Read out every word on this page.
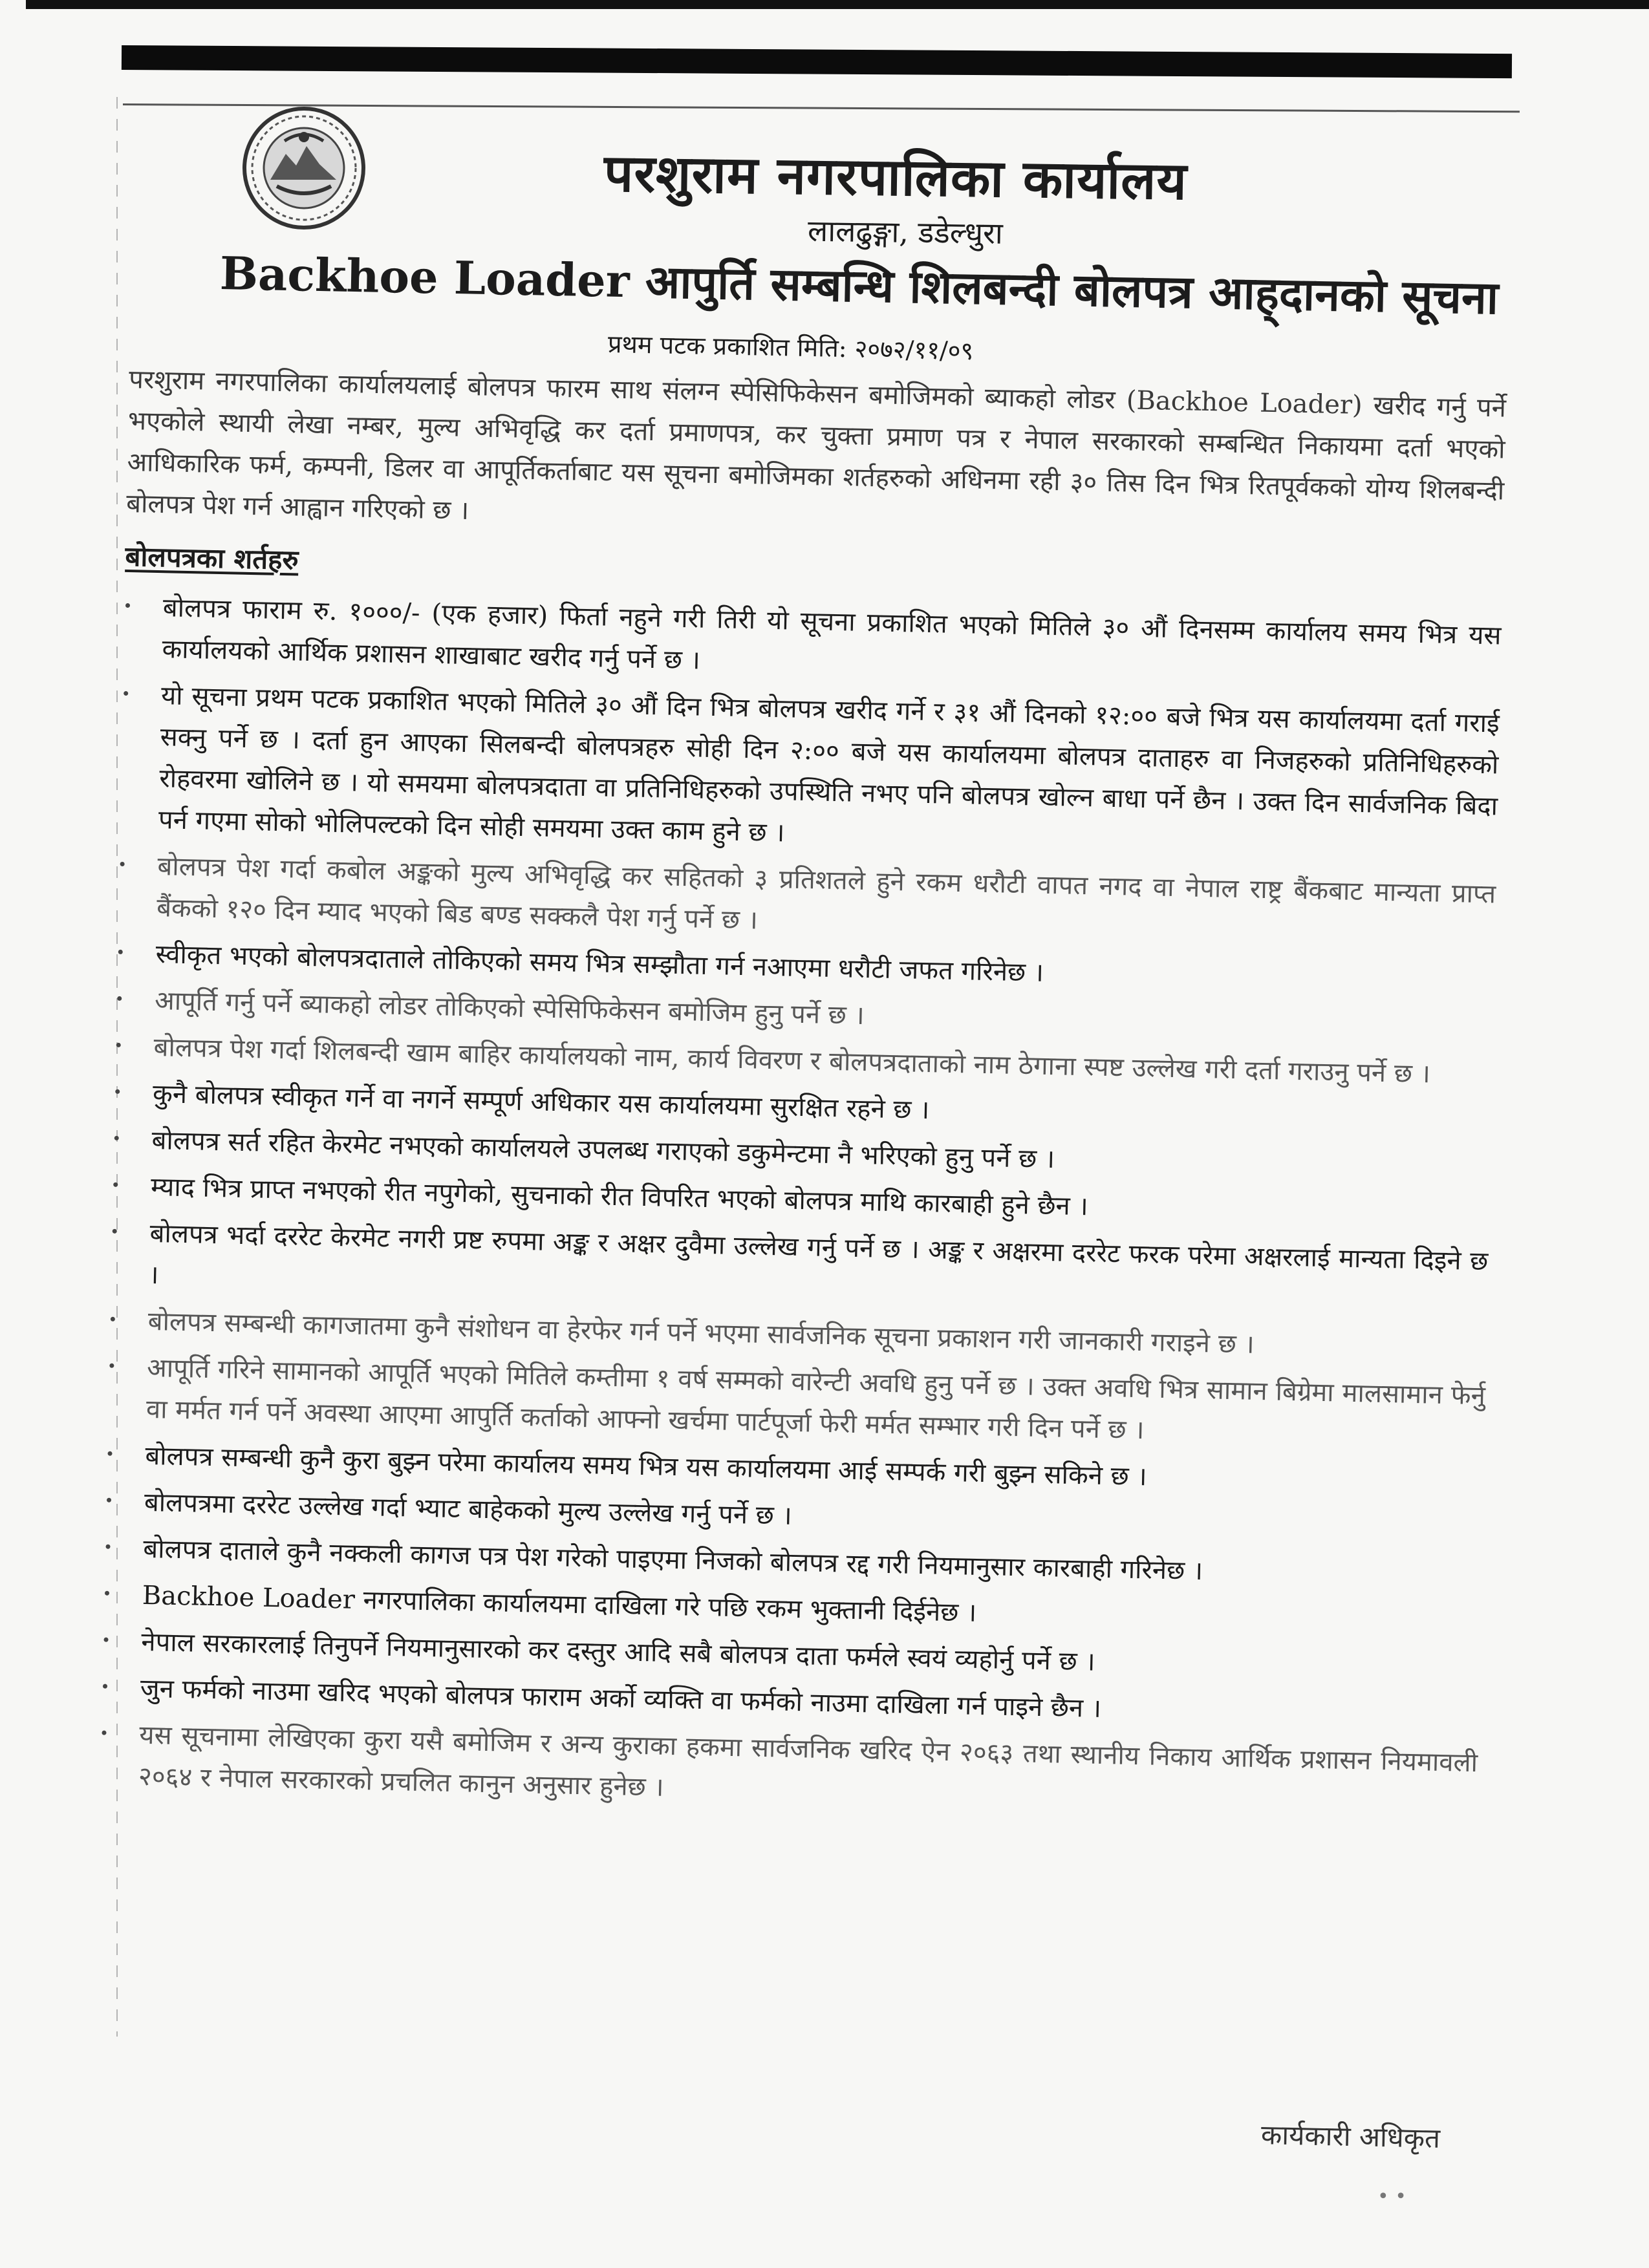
परशुराम नगरपालिका कार्यालय
लालढुङ्गा, डडेल्धुरा
Backhoe Loader आपुर्ति सम्बन्धि शिलबन्दी बोलपत्र आह्‌दानको सूचना
प्रथम पटक प्रकाशित मिति: २०७२/११/०९

परशुराम नगरपालिका कार्यालयलाई बोलपत्र फारम साथ संलग्न स्पेसिफिकेसन बमोजिमको ब्याकहो लोडर (Backhoe Loader) खरीद गर्नु पर्ने भएकोले स्थायी लेखा नम्बर, मुल्य अभिवृद्धि कर दर्ता प्रमाणपत्र, कर चुक्ता प्रमाण पत्र र नेपाल सरकारको सम्बन्धित निकायमा दर्ता भएको आधिकारिक फर्म, कम्पनी, डिलर वा आपूर्तिकर्ताबाट यस सूचना बमोजिमका शर्तहरुको अधिनमा रही ३० तिस दिन भित्र रितपूर्वकको योग्य शिलबन्दी बोलपत्र पेश गर्न आह्वान गरिएको छ ।

बोलपत्रका शर्तहरु
बोलपत्र फाराम रु. १०००/- (एक हजार) फिर्ता नहुने गरी तिरी यो सूचना प्रकाशित भएको मितिले ३० औं दिनसम्म कार्यालय समय भित्र यस कार्यालयको आर्थिक प्रशासन शाखाबाट खरीद गर्नु पर्ने छ ।
यो सूचना प्रथम पटक प्रकाशित भएको मितिले ३० औं दिन भित्र बोलपत्र खरीद गर्ने र ३१ औं दिनको १२:०० बजे भित्र यस कार्यालयमा दर्ता गराई सक्नु पर्ने छ । दर्ता हुन आएका सिलबन्दी बोलपत्रहरु सोही दिन २:०० बजे यस कार्यालयमा बोलपत्र दाताहरु वा निजहरुको प्रतिनिधिहरुको रोहवरमा खोलिने छ । यो समयमा बोलपत्रदाता वा प्रतिनिधिहरुको उपस्थिति नभए पनि बोलपत्र खोल्न बाधा पर्ने छैन । उक्त दिन सार्वजनिक बिदा पर्न गएमा सोको भोलिपल्टको दिन सोही समयमा उक्त काम हुने छ ।
बोलपत्र पेश गर्दा कबोल अङ्कको मुल्य अभिवृद्धि कर सहितको ३ प्रतिशतले हुने रकम धरौटी वापत नगद वा नेपाल राष्ट्र बैंकबाट मान्यता प्राप्त बैंकको १२० दिन म्याद भएको बिड बण्ड सक्कलै पेश गर्नु पर्ने छ ।
स्वीकृत भएको बोलपत्रदाताले तोकिएको समय भित्र सम्झौता गर्न नआएमा धरौटी जफत गरिनेछ ।
आपूर्ति गर्नु पर्ने ब्याकहो लोडर तोकिएको स्पेसिफिकेसन बमोजिम हुनु पर्ने छ ।
बोलपत्र पेश गर्दा शिलबन्दी खाम बाहिर कार्यालयको नाम, कार्य विवरण र बोलपत्रदाताको नाम ठेगाना स्पष्ट उल्लेख गरी दर्ता गराउनु पर्ने छ ।
कुनै बोलपत्र स्वीकृत गर्ने वा नगर्ने सम्पूर्ण अधिकार यस कार्यालयमा सुरक्षित रहने छ ।
बोलपत्र सर्त रहित केरमेट नभएको कार्यालयले उपलब्ध गराएको डकुमेन्टमा नै भरिएको हुनु पर्ने छ ।
म्याद भित्र प्राप्त नभएको रीत नपुगेको, सुचनाको रीत विपरित भएको बोलपत्र माथि कारबाही हुने छैन ।
बोलपत्र भर्दा दररेट केरमेट नगरी प्रष्ट रुपमा अङ्क र अक्षर दुवैमा उल्लेख गर्नु पर्ने छ । अङ्क र अक्षरमा दररेट फरक परेमा अक्षरलाई मान्यता दिइने छ ।
बोलपत्र सम्बन्धी कागजातमा कुनै संशोधन वा हेरफेर गर्न पर्ने भएमा सार्वजनिक सूचना प्रकाशन गरी जानकारी गराइने छ ।
आपूर्ति गरिने सामानको आपूर्ति भएको मितिले कम्तीमा १ वर्ष सम्मको वारेन्टी अवधि हुनु पर्ने छ । उक्त अवधि भित्र सामान बिग्रेमा मालसामान फेर्नु वा मर्मत गर्न पर्ने अवस्था आएमा आपुर्ति कर्ताको आफ्नो खर्चमा पार्टपूर्जा फेरी मर्मत सम्भार गरी दिन पर्ने छ ।
बोलपत्र सम्बन्धी कुनै कुरा बुझ्न परेमा कार्यालय समय भित्र यस कार्यालयमा आई सम्पर्क गरी बुझ्न सकिने छ ।
बोलपत्रमा दररेट उल्लेख गर्दा भ्याट बाहेकको मुल्य उल्लेख गर्नु पर्ने छ ।
बोलपत्र दाताले कुनै नक्कली कागज पत्र पेश गरेको पाइएमा निजको बोलपत्र रद्द गरी नियमानुसार कारबाही गरिनेछ ।
Backhoe Loader नगरपालिका कार्यालयमा दाखिला गरे पछि रकम भुक्तानी दिईनेछ ।
नेपाल सरकारलाई तिनुपर्ने नियमानुसारको कर दस्तुर आदि सबै बोलपत्र दाता फर्मले स्वयं व्यहोर्नु पर्ने छ ।
जुन फर्मको नाउमा खरिद भएको बोलपत्र फाराम अर्को व्यक्ति वा फर्मको नाउमा दाखिला गर्न पाइने छैन ।
यस सूचनामा लेखिएका कुरा यसै बमोजिम र अन्य कुराका हकमा सार्वजनिक खरिद ऐन २०६३ तथा स्थानीय निकाय आर्थिक प्रशासन नियमावली २०६४ र नेपाल सरकारको प्रचलित कानुन अनुसार हुनेछ ।
कार्यकारी अधिकृत
• •
